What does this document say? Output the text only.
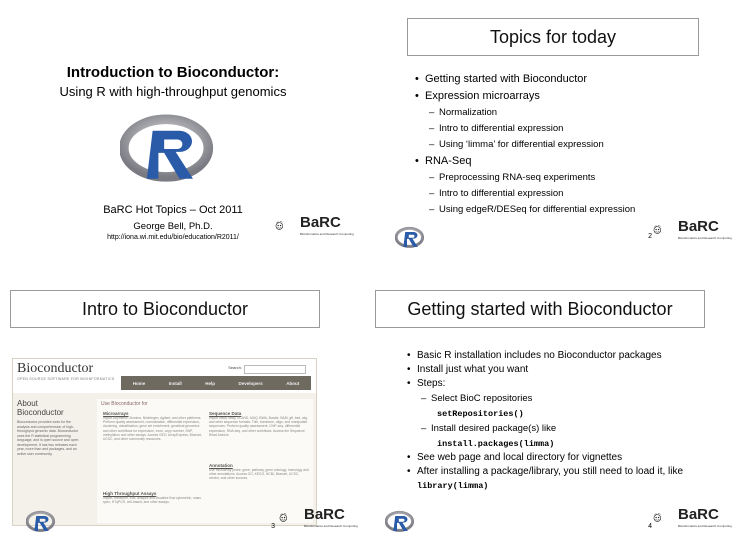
Introduction to Bioconductor:
Using R with high-throughput genomics
BaRC Hot Topics – Oct 2011
George Bell, Ph.D.
http://iona.wi.mit.edu/bio/education/R2011/
BaRC
Bioinformatics and Research Computing
Topics for today
• Getting started with Bioconductor
• Expression microarrays
– Normalization
– Intro to differential expression
– Using ‘limma’ for differential expression
• RNA-Seq
– Preprocessing RNA-seq experiments
– Intro to differential expression
– Using edgeR/DESeq for differential expression
2
BaRC
Bioinformatics and Research Computing
Intro to Bioconductor
Bioconductor
OPEN SOURCE SOFTWARE FOR BIOINFORMATICS
Search:
Home	Install	Help	Developers	About
About Bioconductor

Bioconductor provides tools for the analysis and comprehension of high-throughput genomic data. Bioconductor uses the R statistical programming language, and is open source and open development. It has two releases each year, more than and packages, and an active user community.

Use Bioconductor for
Microarrays
Import Affymetrix, Illumina, Nimblegen, Agilent, and other platforms. Perform quality assessment, normalization, differential expression, clustering, classification, gene set enrichment, genetical genomics and other workflows for expression, exon, copy number, SNP, methylation and other assays. Access GEO, ArrayExpress, Biomart, UCSC, and other community resources.
Sequence Data
Import fasta, fastq, ELAND, MAQ, BWA, Bowtie, BAM, gff, bed, wig, and other sequence formats. Trim, transform, align, and manipulate sequences. Perform quality assessment, ChIP-seq, differential expression, RNA-seq, and other workflows. Access the Sequence Read Archive.
Annotation
Use microarray probe, gene, pathway, gene ontology, homology and other annotations. Access GO, KEGG, NCBI, Biomart, UCSC, vendor, and other sources.
High Throughput Assays
Import, transform, edit, analyze and visualize flow cytometric, mass spec, HTqPCR, cell-based, and other assays.
3
BaRC
Bioinformatics and Research Computing
Getting started with Bioconductor
• Basic R installation includes no Bioconductor packages
• Install just what you want
• Steps:
– Select BioC repositories
setRepositories()
– Install desired package(s) like
install.packages(limma)
• See web page and local directory for vignettes
• After installing a package/library, you still need to load it, like
library(limma)
4
BaRC
Bioinformatics and Research Computing
